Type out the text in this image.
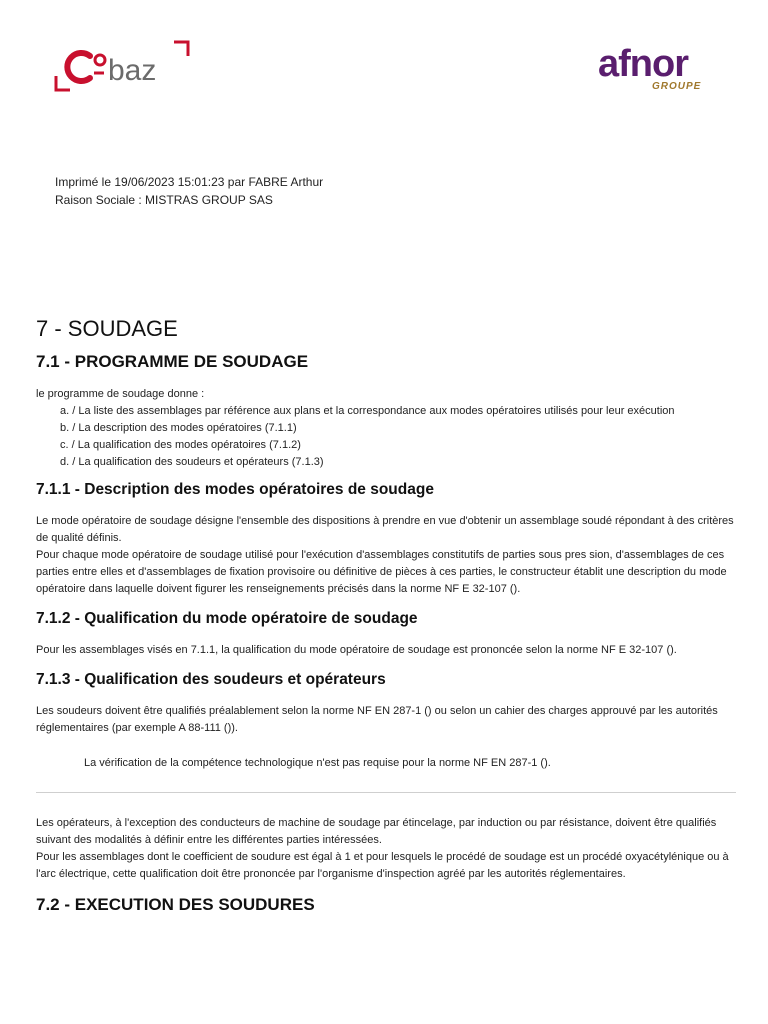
baz	afnor
GROUPE
Imprimé le 19/06/2023 15:01:23 par FABRE Arthur
Raison Sociale : MISTRAS GROUP SAS
7 - SOUDAGE
7.1 - PROGRAMME DE SOUDAGE

le programme de soudage donne :

a. / La liste des assemblages par référence aux plans et la correspondance aux modes opératoires utilisés pour leur exécution
b. / La description des modes opératoires (7.1.1)
c. / La qualification des modes opératoires (7.1.2)
d. / La qualification des soudeurs et opérateurs (7.1.3)
7.1.1 - Description des modes opératoires de soudage

Le mode opératoire de soudage désigne l'ensemble des dispositions à prendre en vue d'obtenir un assemblage soudé répondant à des critères de qualité définis.

Pour chaque mode opératoire de soudage utilisé pour l'exécution d'assemblages constitutifs de parties sous pres sion, d'assemblages de ces parties entre elles et d'assemblages de fixation provisoire ou définitive de pièces à ces parties, le constructeur établit une description du mode opératoire dans laquelle doivent figurer les renseignements précisés dans la norme NF E 32-107 ().

7.1.2 - Qualification du mode opératoire de soudage

Pour les assemblages visés en 7.1.1, la qualification du mode opératoire de soudage est prononcée selon la norme NF E 32-107 ().

7.1.3 - Qualification des soudeurs et opérateurs

Les soudeurs doivent être qualifiés préalablement selon la norme NF EN 287-1 () ou selon un cahier des charges approuvé par les autorités réglementaires (par exemple A 88-111 ()).

La vérification de la compétence technologique n'est pas requise pour la norme NF EN 287-1 ().

Les opérateurs, à l'exception des conducteurs de machine de soudage par étincelage, par induction ou par résistance, doivent être qualifiés suivant des modalités à définir entre les différentes parties intéressées.

Pour les assemblages dont le coefficient de soudure est égal à 1 et pour lesquels le procédé de soudage est un procédé oxyacétylénique ou à l'arc électrique, cette qualification doit être prononcée par l'organisme d'inspection agréé par les autorités réglementaires.

7.2 - EXECUTION DES SOUDURES
